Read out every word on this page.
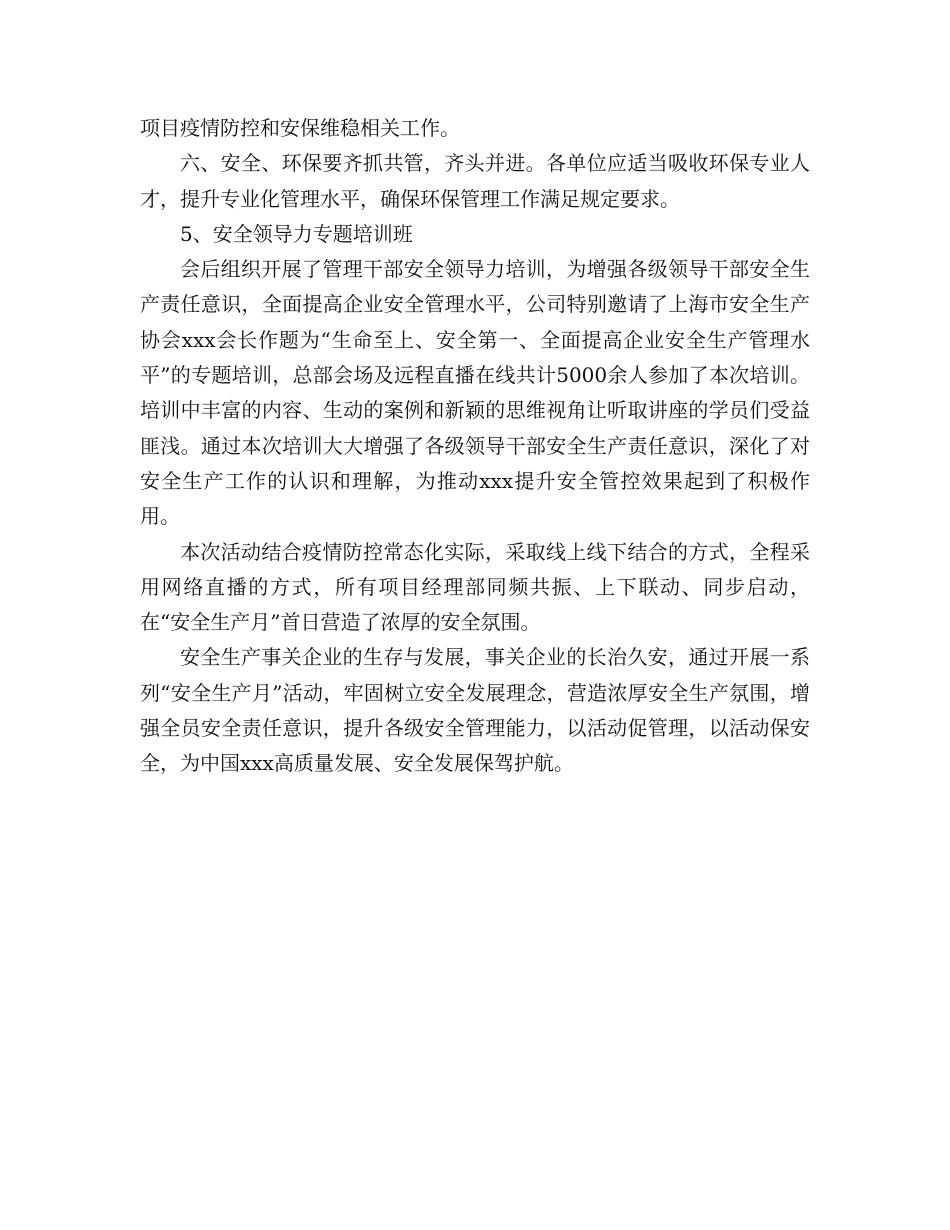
项目疫情防控和安保维稳相关工作。

六、安全、环保要齐抓共管，齐头并进。各单位应适当吸收环保专业人才，提升专业化管理水平，确保环保管理工作满足规定要求。

5、安全领导力专题培训班

会后组织开展了管理干部安全领导力培训，为增强各级领导干部安全生产责任意识，全面提高企业安全管理水平，公司特别邀请了上海市安全生产协会xxx会长作题为“生命至上、安全第一、全面提高企业安全生产管理水平”的专题培训，总部会场及远程直播在线共计5000余人参加了本次培训。培训中丰富的内容、生动的案例和新颖的思维视角让听取讲座的学员们受益匪浅。通过本次培训大大增强了各级领导干部安全生产责任意识，深化了对安全生产工作的认识和理解，为推动xxx提升安全管控效果起到了积极作用。

本次活动结合疫情防控常态化实际，采取线上线下结合的方式，全程采用网络直播的方式，所有项目经理部同频共振、上下联动、同步启动，在“安全生产月”首日营造了浓厚的安全氛围。

安全生产事关企业的生存与发展，事关企业的长治久安，通过开展一系列“安全生产月”活动，牢固树立安全发展理念，营造浓厚安全生产氛围，增强全员安全责任意识，提升各级安全管理能力，以活动促管理，以活动保安全，为中国xxx高质量发展、安全发展保驾护航。
